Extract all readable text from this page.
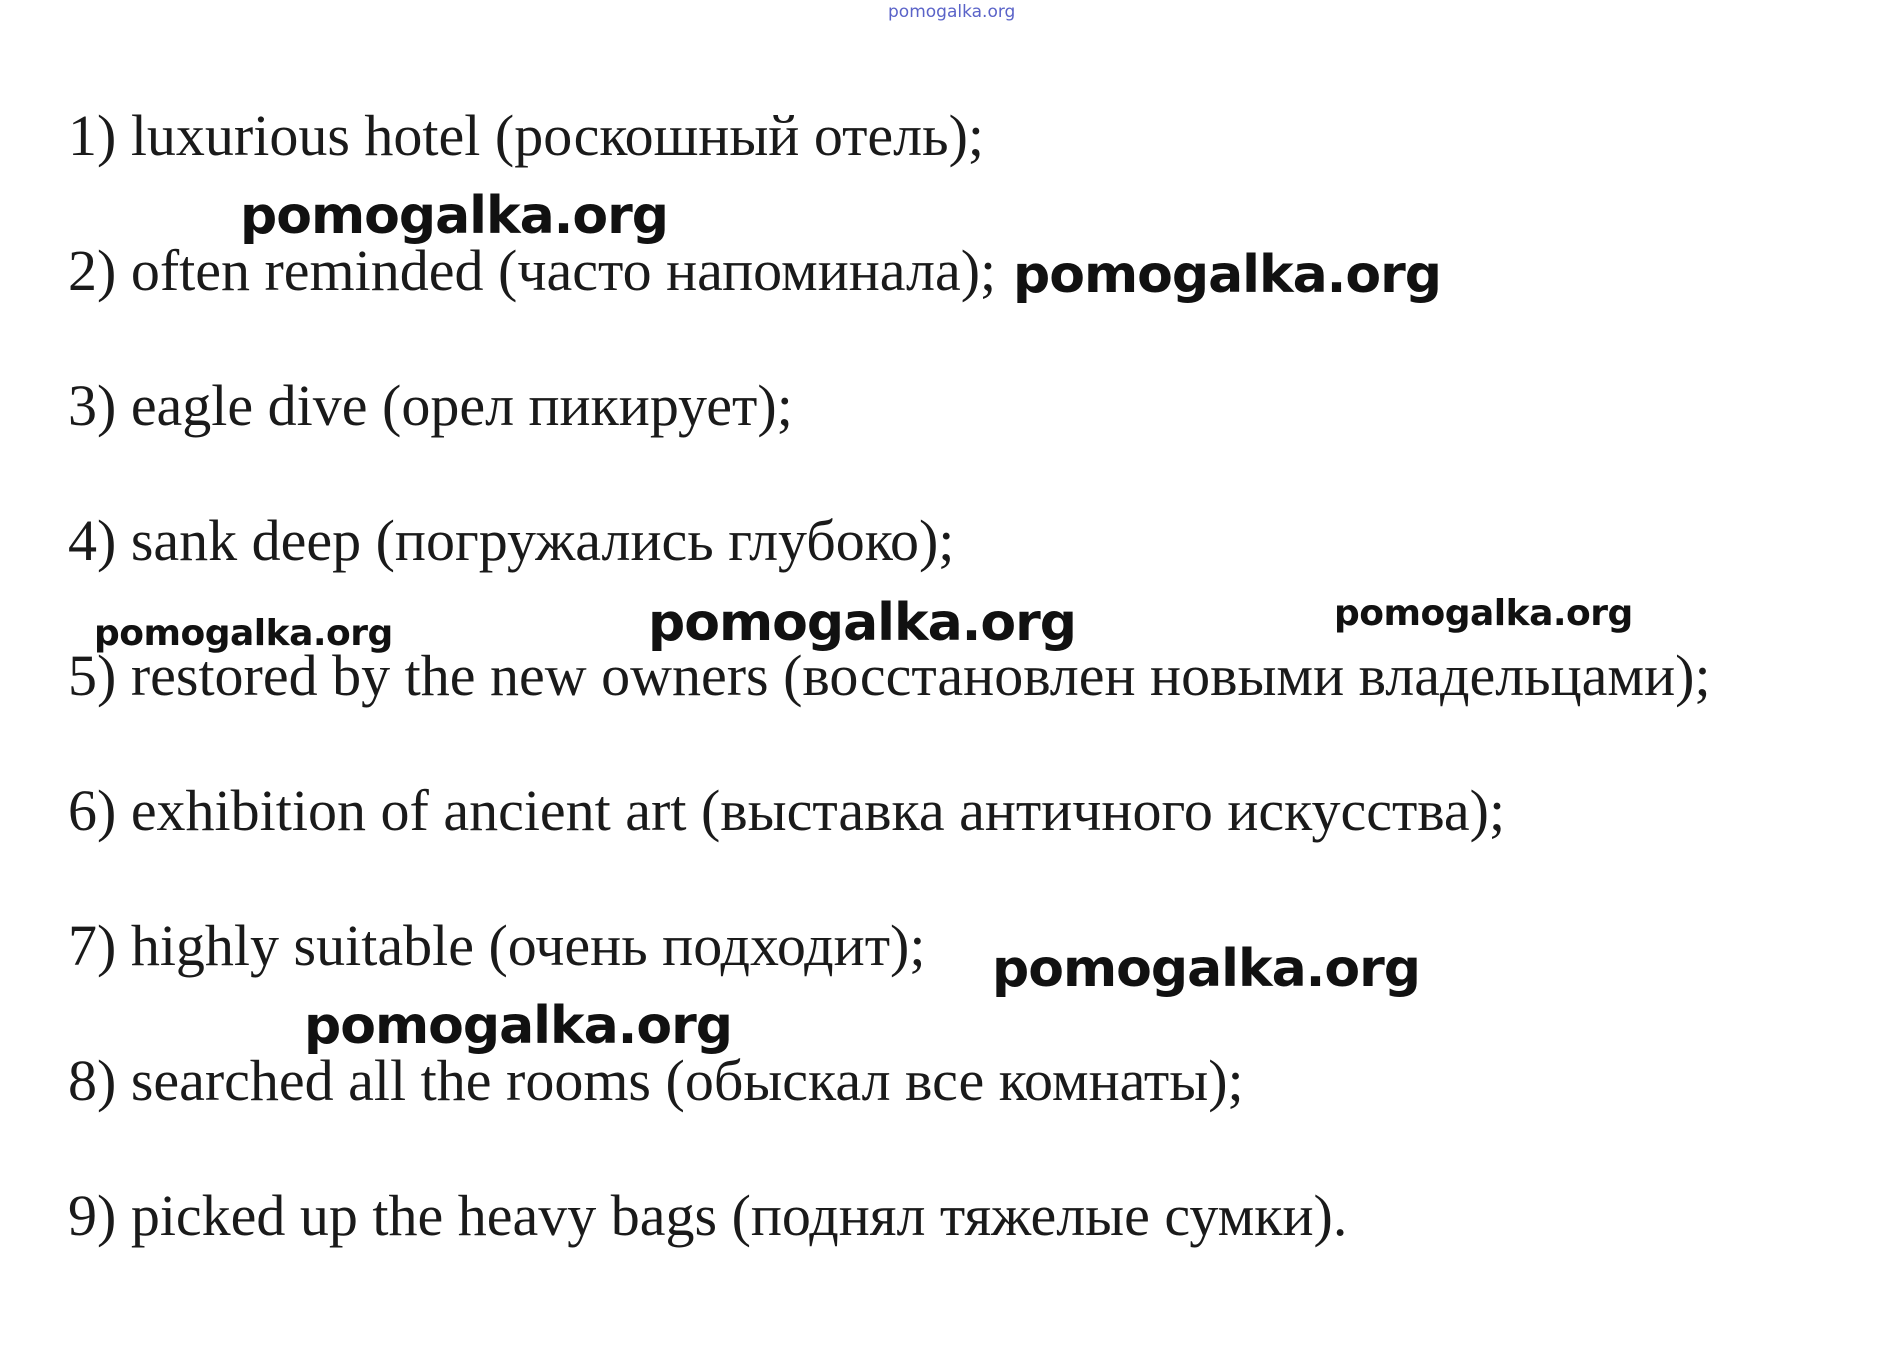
pomogalka.org
1) luxurious hotel (роскошный отель);
pomogalka.org
2) often reminded (часто напоминала); pomogalka.org
3) eagle dive (орел пикирует);
4) sank deep (погружались глубоко);
pomogalka.org	pomogalka.org	pomogalka.org
5) restored by the new owners (восстановлен новыми владельцами);
6) exhibition of ancient art (выставка античного искусства);
7) highly suitable (очень подходит); pomogalka.org
pomogalka.org
8) searched all the rooms (обыскал все комнаты);
9) picked up the heavy bags (поднял тяжелые сумки).
